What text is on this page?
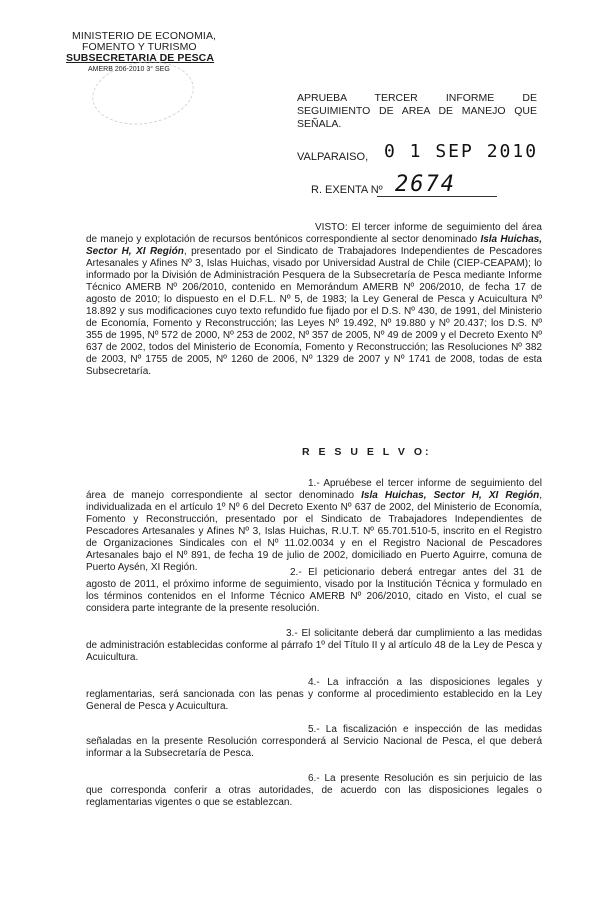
MINISTERIO DE ECONOMIA,
FOMENTO Y TURISMO
SUBSECRETARIA DE PESCA
AMERB 206-2010 3° SEG
APRUEBA TERCER INFORME DE SEGUIMIENTO DE AREA DE MANEJO QUE SEÑALA.
VALPARAISO, 0 1 SEP 2010
R. EXENTA Nº 2674
VISTO: El tercer informe de seguimiento del área de manejo y explotación de recursos bentónicos correspondiente al sector denominado Isla Huichas, Sector H, XI Región, presentado por el Sindicato de Trabajadores Independientes de Pescadores Artesanales y Afines Nº 3, Islas Huichas, visado por Universidad Austral de Chile (CIEP-CEAPAM); lo informado por la División de Administración Pesquera de la Subsecretaría de Pesca mediante Informe Técnico AMERB Nº 206/2010, contenido en Memorándum AMERB Nº 206/2010, de fecha 17 de agosto de 2010; lo dispuesto en el D.F.L. Nº 5, de 1983; la Ley General de Pesca y Acuicultura Nº 18.892 y sus modificaciones cuyo texto refundido fue fijado por el D.S. Nº 430, de 1991, del Ministerio de Economía, Fomento y Reconstrucción; las Leyes Nº 19.492, Nº 19.880 y Nº 20.437; los D.S. Nº 355 de 1995, Nº 572 de 2000, Nº 253 de 2002, Nº 357 de 2005, Nº 49 de 2009 y el Decreto Exento Nº 637 de 2002, todos del Ministerio de Economía, Fomento y Reconstrucción; las Resoluciones Nº 382 de 2003, Nº 1755 de 2005, Nº 1260 de 2006, Nº 1329 de 2007 y Nº 1741 de 2008, todas de esta Subsecretaría.
R E S U E L V O:
1.- Apruébese el tercer informe de seguimiento del área de manejo correspondiente al sector denominado Isla Huichas, Sector H, XI Región, individualizada en el artículo 1º Nº 6 del Decreto Exento Nº 637 de 2002, del Ministerio de Economía, Fomento y Reconstrucción, presentado por el Sindicato de Trabajadores Independientes de Pescadores Artesanales y Afines Nº 3, Islas Huichas, R.U.T. Nº 65.701.510-5, inscrito en el Registro de Organizaciones Sindicales con el Nº 11.02.0034 y en el Registro Nacional de Pescadores Artesanales bajo el Nº 891, de fecha 19 de julio de 2002, domiciliado en Puerto Aguirre, comuna de Puerto Aysén, XI Región.	2.- El peticionario deberá entregar antes del 31 de agosto de 2011, el próximo informe de seguimiento, visado por la Institución Técnica y formulado en los términos contenidos en el Informe Técnico AMERB Nº 206/2010, citado en Visto, el cual se considera parte integrante de la presente resolución.
3.- El solicitante deberá dar cumplimiento a las medidas de administración establecidas conforme al párrafo 1º del Título II y al artículo 48 de la Ley de Pesca y Acuicultura.
4.- La infracción a las disposiciones legales y reglamentarias, será sancionada con las penas y conforme al procedimiento establecido en la Ley General de Pesca y Acuicultura.
5.- La fiscalización e inspección de las medidas señaladas en la presente Resolución corresponderá al Servicio Nacional de Pesca, el que deberá informar a la Subsecretaría de Pesca.
6.- La presente Resolución es sin perjuicio de las que corresponda conferir a otras autoridades, de acuerdo con las disposiciones legales o reglamentarias vigentes o que se establezcan.
